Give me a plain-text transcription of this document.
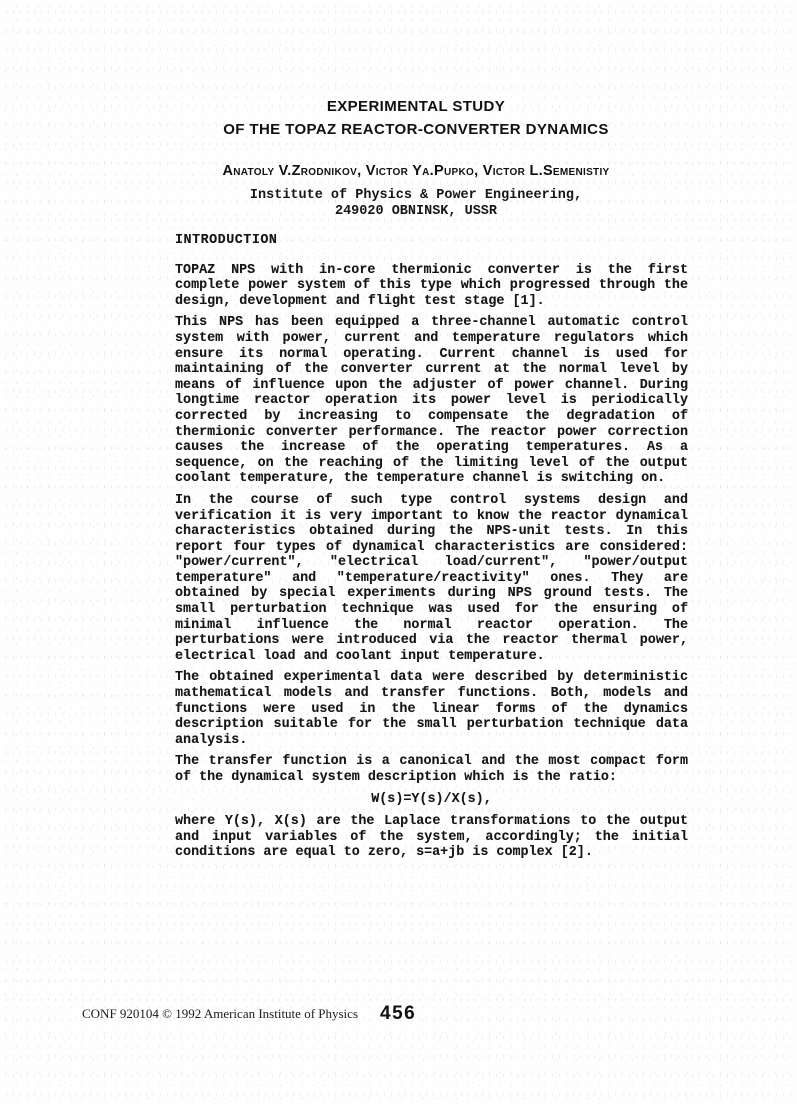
EXPERIMENTAL STUDY
OF THE TOPAZ REACTOR-CONVERTER DYNAMICS
Anatoly V.Zrodnikov, Victor Ya.Pupko, Victor L.Semenistiy
Institute of Physics & Power Engineering,
249020 OBNINSK, USSR
INTRODUCTION

TOPAZ NPS with in-core thermionic converter is the first complete power system of this type which progressed through the design, development and flight test stage [1].

This NPS has been equipped a three-channel automatic control system with power, current and temperature regulators which ensure its normal operating. Current channel is used for maintaining of the converter current at the normal level by means of influence upon the adjuster of power channel. During longtime reactor operation its power level is periodically corrected by increasing to compensate the degradation of thermionic converter performance. The reactor power correction causes the increase of the operating temperatures. As a sequence, on the reaching of the limiting level of the output coolant temperature, the temperature channel is switching on.

In the course of such type control systems design and verification it is very important to know the reactor dynamical characteristics obtained during the NPS-unit tests. In this report four types of dynamical characteristics are considered: "power/current", "electrical load/current", "power/output temperature" and "temperature/reactivity" ones. They are obtained by special experiments during NPS ground tests. The small perturbation technique was used for the ensuring of minimal influence the normal reactor operation. The perturbations were introduced via the reactor thermal power, electrical load and coolant input temperature.

The obtained experimental data were described by deterministic mathematical models and transfer functions. Both, models and functions were used in the linear forms of the dynamics description suitable for the small perturbation technique data analysis.

The transfer function is a canonical and the most compact form of the dynamical system description which is the ratio:

W(s)=Y(s)/X(s),

where Y(s), X(s) are the Laplace transformations to the output and input variables of the system, accordingly; the initial conditions are equal to zero, s=a+jb is complex [2].

CONF 920104 © 1992 American Institute of Physics 456
